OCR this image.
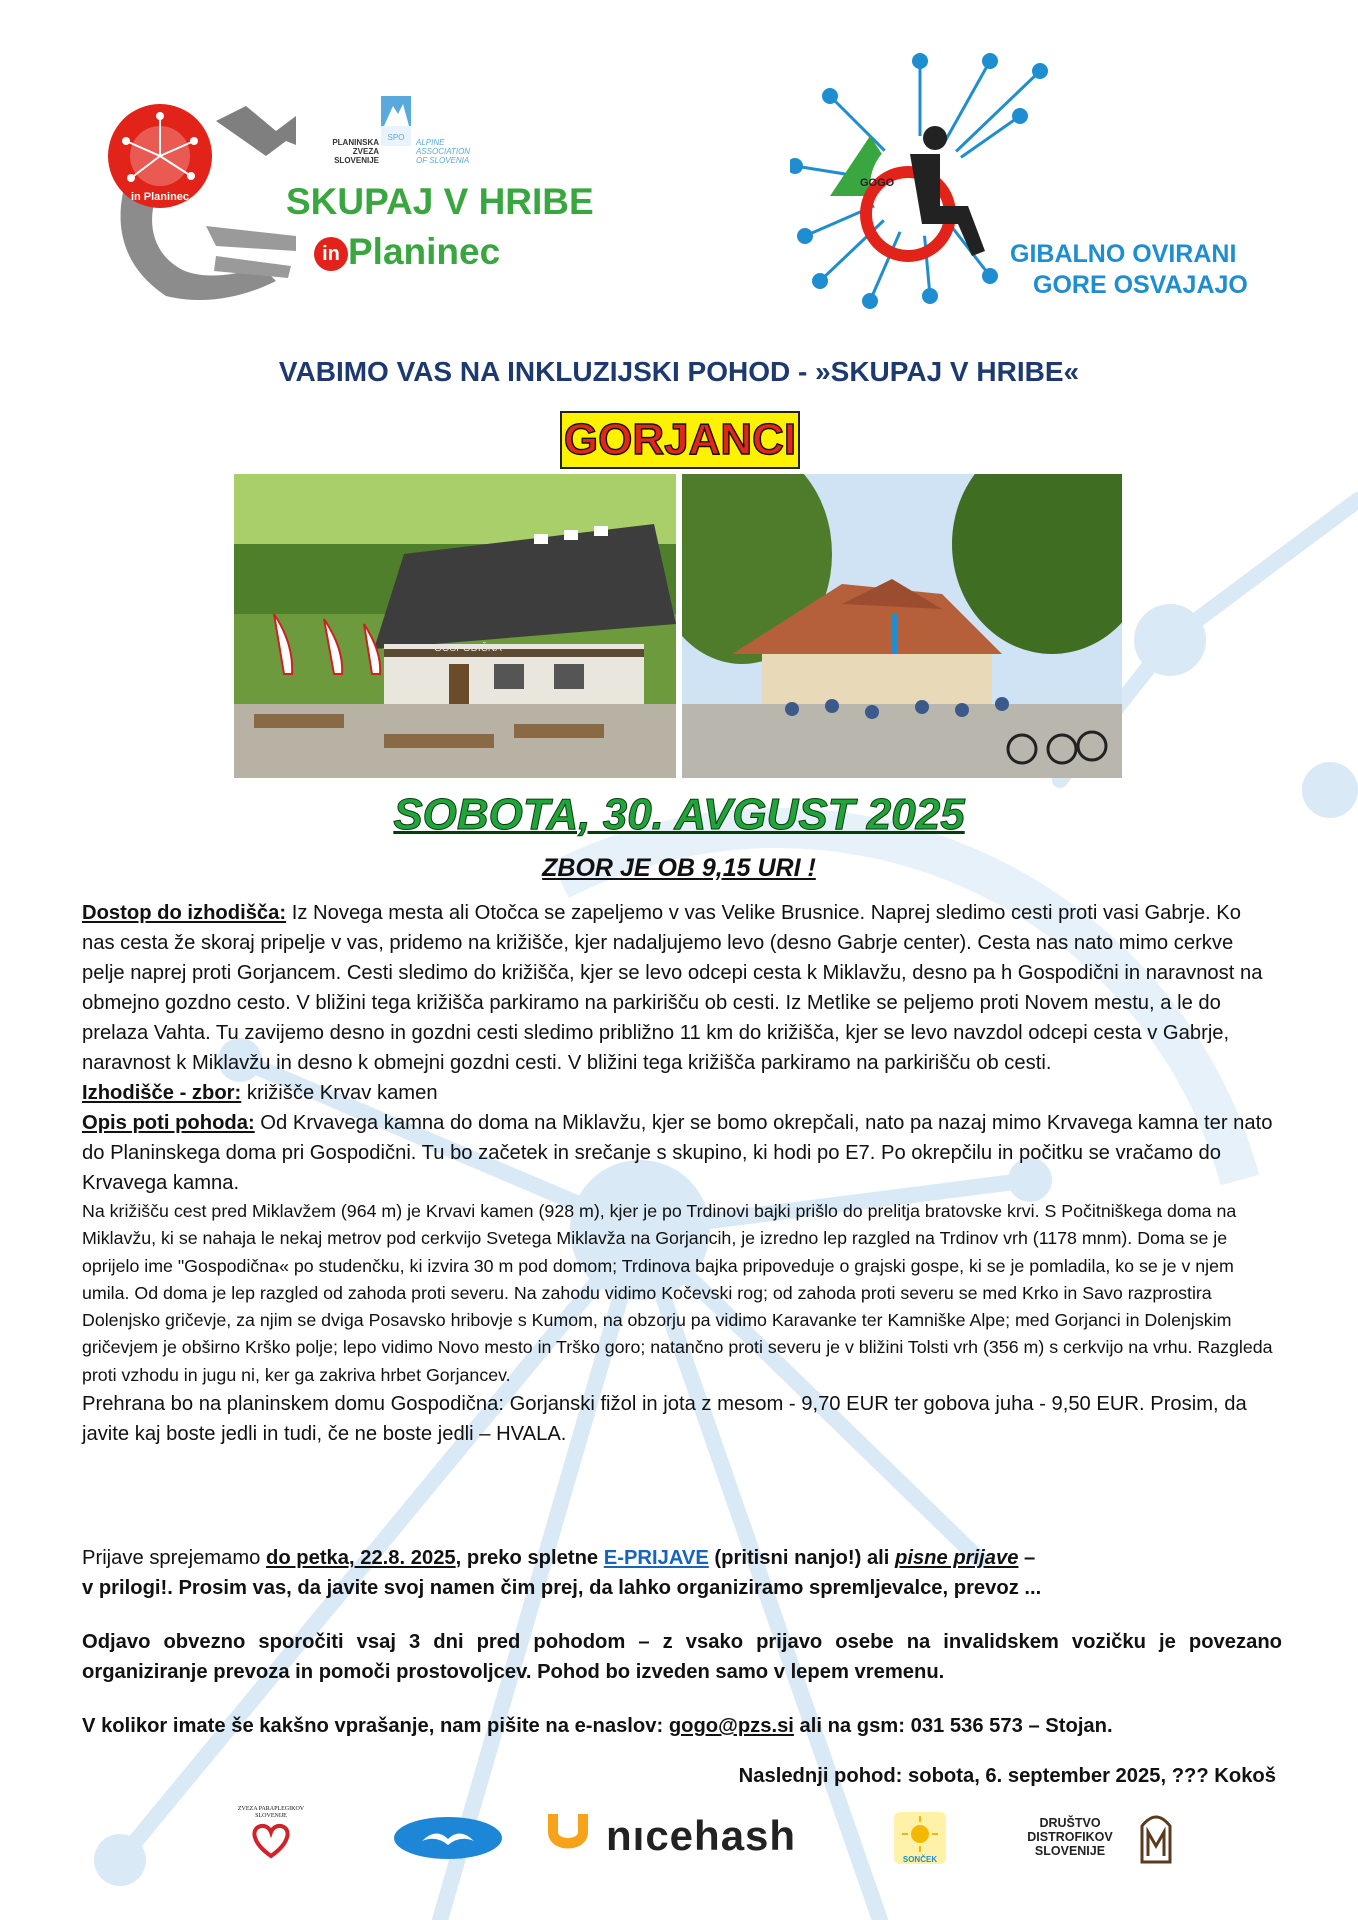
in Planinec
PLANINSKA
ZVEZA
SLOVENIJE
SPO
ALPINE
ASSOCIATION
OF SLOVENIA
SKUPAJ V HRIBE
in Planinec
GOGO
GIBALNO OVIRANI
GORE OSVAJAJO
VABIMO VAS NA INKLUZIJSKI POHOD - »SKUPAJ V HRIBE«
GORJANCI
GOSPODIČNA
SOBOTA, 30. AVGUST 2025
ZBOR JE OB 9,15 URI !

Dostop do izhodišča: Iz Novega mesta ali Otočca se zapeljemo v vas Velike Brusnice. Naprej sledimo cesti proti vasi Gabrje. Ko nas cesta že skoraj pripelje v vas, pridemo na križišče, kjer nadaljujemo levo (desno Gabrje center). Cesta nas nato mimo cerkve pelje naprej proti Gorjancem. Cesti sledimo do križišča, kjer se levo odcepi cesta k Miklavžu, desno pa h Gospodični in naravnost na obmejno gozdno cesto. V bližini tega križišča parkiramo na parkirišču ob cesti. Iz Metlike se peljemo proti Novem mestu, a le do prelaza Vahta. Tu zavijemo desno in gozdni cesti sledimo približno 11 km do križišča, kjer se levo navzdol odcepi cesta v Gabrje, naravnost k Miklavžu in desno k obmejni gozdni cesti. V bližini tega križišča parkiramo na parkirišču ob cesti.

Izhodišče - zbor: križišče Krvav kamen

Opis poti pohoda: Od Krvavega kamna do doma na Miklavžu, kjer se bomo okrepčali, nato pa nazaj mimo Krvavega kamna ter nato do Planinskega doma pri Gospodični. Tu bo začetek in srečanje s skupino, ki hodi po E7. Po okrepčilu in počitku se vračamo do Krvavega kamna.

Na križišču cest pred Miklavžem (964 m) je Krvavi kamen (928 m), kjer je po Trdinovi bajki prišlo do prelitja bratovske krvi. S Počitniškega doma na Miklavžu, ki se nahaja le nekaj metrov pod cerkvijo Svetega Miklavža na Gorjancih, je izredno lep razgled na Trdinov vrh (1178 mnm). Doma se je oprijelo ime "Gospodična« po studenčku, ki izvira 30 m pod domom; Trdinova bajka pripoveduje o grajski gospe, ki se je pomladila, ko se je v njem umila. Od doma je lep razgled od zahoda proti severu. Na zahodu vidimo Kočevski rog; od zahoda proti severu se med Krko in Savo razprostira Dolenjsko gričevje, za njim se dviga Posavsko hribovje s Kumom, na obzorju pa vidimo Karavanke ter Kamniške Alpe; med Gorjanci in Dolenjskim gričevjem je obširno Krško polje; lepo vidimo Novo mesto in Trško goro; natančno proti severu je v bližini Tolsti vrh (356 m) s cerkvijo na vrhu. Razgleda proti vzhodu in jugu ni, ker ga zakriva hrbet Gorjancev.

Prehrana bo na planinskem domu Gospodična: Gorjanski fižol in jota z mesom - 9,70 EUR ter gobova juha - 9,50 EUR. Prosim, da javite kaj boste jedli in tudi, če ne boste jedli – HVALA.

Prijave sprejemamo do petka, 22.8. 2025, preko spletne E-PRIJAVE (pritisni nanjo!) ali pisne prijave –
v prilogi!. Prosim vas, da javite svoj namen čim prej, da lahko organiziramo spremljevalce, prevoz ...
Odjavo obvezno sporočiti vsaj 3 dni pred pohodom – z vsako prijavo osebe na invalidskem vozičku je povezano organiziranje prevoza in pomoči prostovoljcev. Pohod bo izveden samo v lepem vremenu.
V kolikor imate še kakšno vprašanje, nam pišite na e-naslov: gogo@pzs.si ali na gsm: 031 536 573 – Stojan.
Naslednji pohod: sobota, 6. september 2025, ??? Kokoš
ZVEZA PARAPLEGIKOV
SLOVENIJE	nıcehash
SONČEK
DRUŠTVO
DISTROFIKOV
SLOVENIJE
